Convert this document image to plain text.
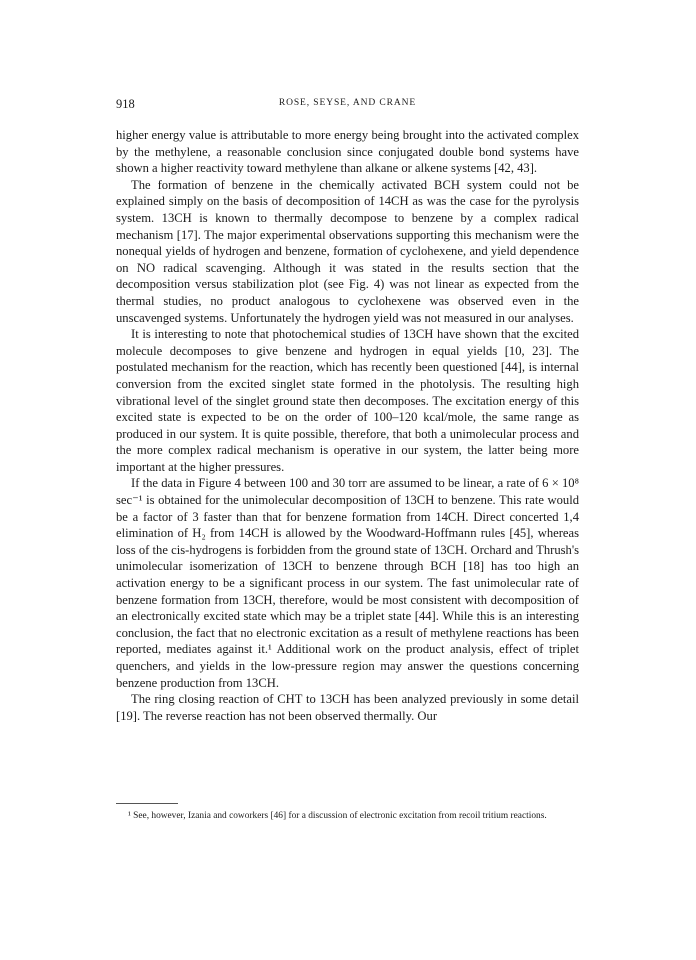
918	ROSE, SEYSE, AND CRANE

higher energy value is attributable to more energy being brought into the activated complex by the methylene, a reasonable conclusion since conjugated double bond systems have shown a higher reactivity toward methylene than alkane or alkene systems [42, 43].

The formation of benzene in the chemically activated BCH system could not be explained simply on the basis of decomposition of 14CH as was the case for the pyrolysis system. 13CH is known to thermally decompose to benzene by a complex radical mechanism [17]. The major experimental observations supporting this mechanism were the nonequal yields of hydrogen and benzene, formation of cyclohexene, and yield dependence on NO radical scavenging. Although it was stated in the results section that the decomposition versus stabilization plot (see Fig. 4) was not linear as expected from the thermal studies, no product analogous to cyclohexene was observed even in the unscavenged systems. Unfortunately the hydrogen yield was not measured in our analyses.

It is interesting to note that photochemical studies of 13CH have shown that the excited molecule decomposes to give benzene and hydrogen in equal yields [10, 23]. The postulated mechanism for the reaction, which has recently been questioned [44], is internal conversion from the excited singlet state formed in the photolysis. The resulting high vibrational level of the singlet ground state then decomposes. The excitation energy of this excited state is expected to be on the order of 100–120 kcal/mole, the same range as produced in our system. It is quite possible, therefore, that both a unimolecular process and the more complex radical mechanism is operative in our system, the latter being more important at the higher pressures.

If the data in Figure 4 between 100 and 30 torr are assumed to be linear, a rate of 6 × 10⁸ sec⁻¹ is obtained for the unimolecular decomposition of 13CH to benzene. This rate would be a factor of 3 faster than that for benzene formation from 14CH. Direct concerted 1,4 elimination of H₂ from 14CH is allowed by the Woodward-Hoffmann rules [45], whereas loss of the cis-hydrogens is forbidden from the ground state of 13CH. Orchard and Thrush's unimolecular isomerization of 13CH to benzene through BCH [18] has too high an activation energy to be a significant process in our system. The fast unimolecular rate of benzene formation from 13CH, therefore, would be most consistent with decomposition of an electronically excited state which may be a triplet state [44]. While this is an interesting conclusion, the fact that no electronic excitation as a result of methylene reactions has been reported, mediates against it.¹ Additional work on the product analysis, effect of triplet quenchers, and yields in the low-pressure region may answer the questions concerning benzene production from 13CH.

The ring closing reaction of CHT to 13CH has been analyzed previously in some detail [19]. The reverse reaction has not been observed thermally. Our

¹ See, however, Izania and coworkers [46] for a discussion of electronic excitation from recoil tritium reactions.
